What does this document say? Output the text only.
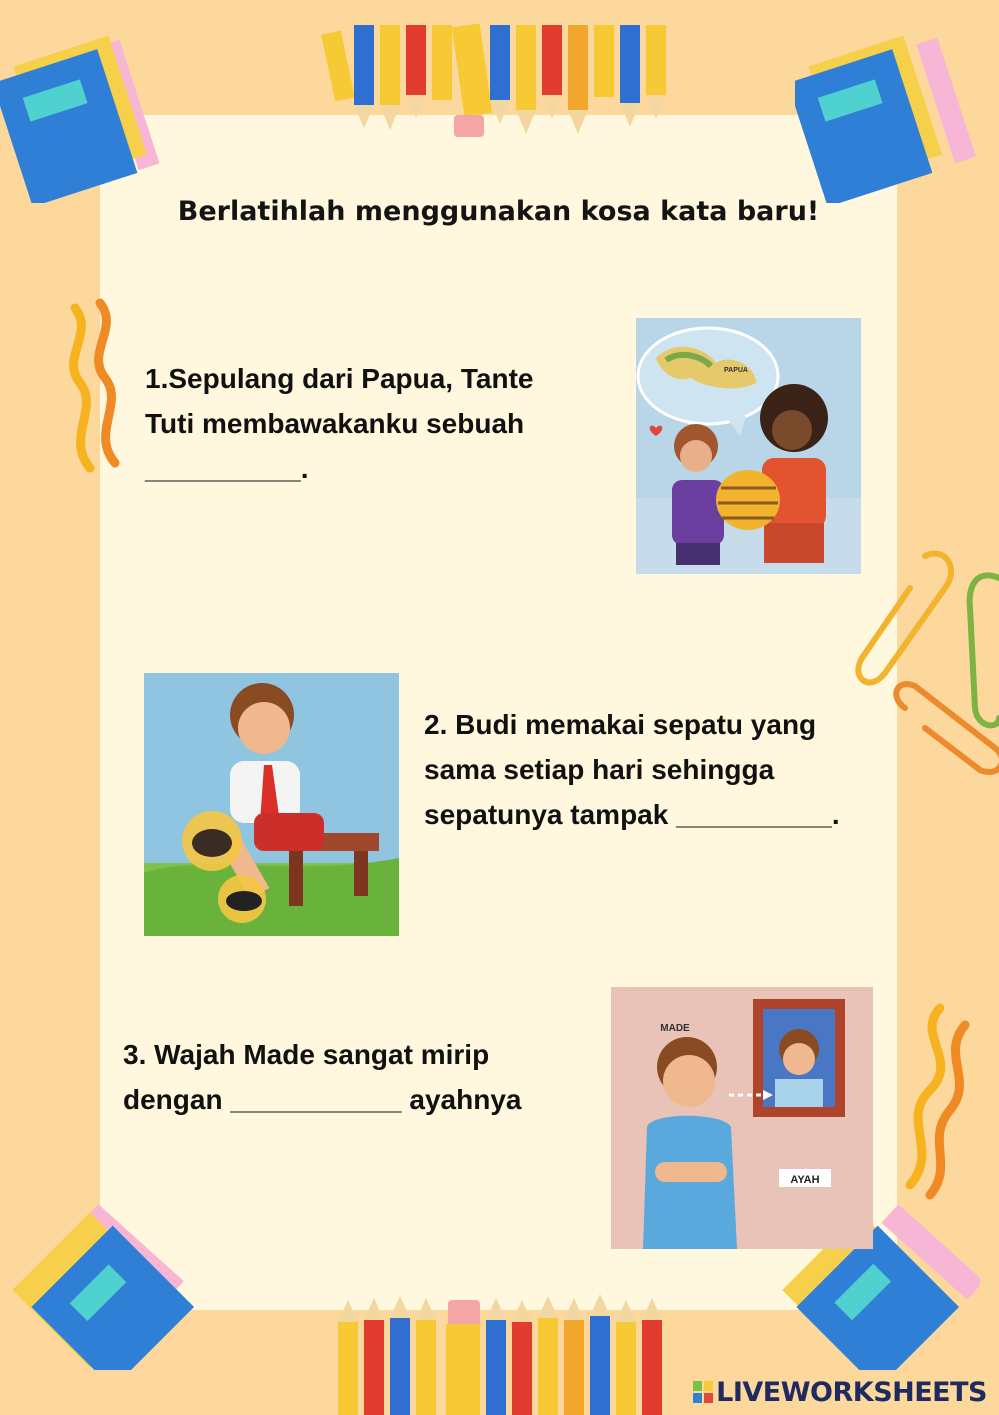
Berlatihlah menggunakan kosa kata baru!
1.Sepulang dari Papua, Tante
Tuti membawakanku sebuah
__________.
PAPUA
2. Budi memakai sepatu yang
sama setiap hari sehingga
sepatunya tampak __________.
3. Wajah Made sangat mirip
dengan ___________ ayahnya
AYAH
MADE
LIVEWORKSHEETS
